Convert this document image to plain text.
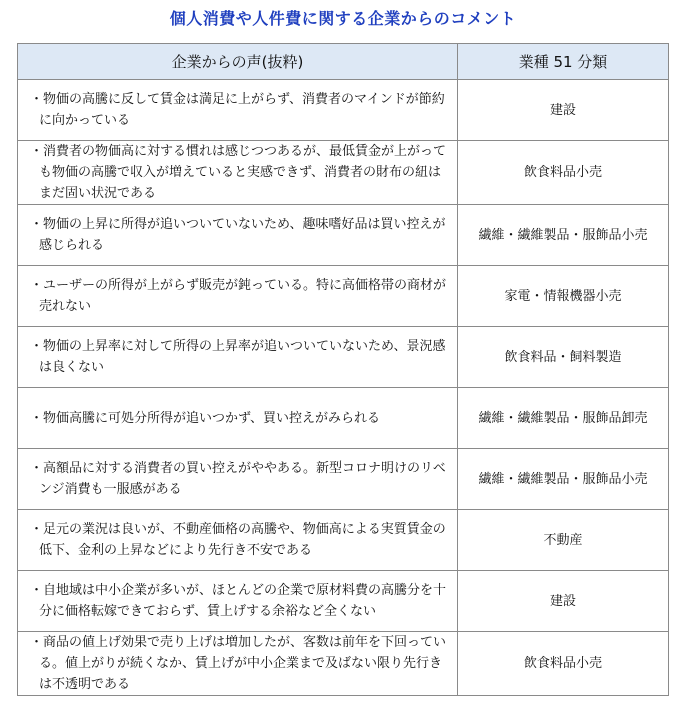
個人消費や人件費に関する企業からのコメント
企業からの声(抜粋)	業種 51 分類

・物価の高騰に反して賃金は満足に上がらず、消費者のマインドが節約に向かっている	建設

・消費者の物価高に対する慣れは感じつつあるが、最低賃金が上がっても物価の高騰で収入が増えていると実感できず、消費者の財布の紐はまだ固い状況である	飲食料品小売

・物価の上昇に所得が追いついていないため、趣味嗜好品は買い控えが感じられる	繊維・繊維製品・服飾品小売

・ユーザーの所得が上がらず販売が鈍っている。特に高価格帯の商材が売れない	家電・情報機器小売

・物価の上昇率に対して所得の上昇率が追いついていないため、景況感は良くない	飲食料品・飼料製造

・物価高騰に可処分所得が追いつかず、買い控えがみられる	繊維・繊維製品・服飾品卸売

・高額品に対する消費者の買い控えがややある。新型コロナ明けのリベンジ消費も一服感がある	繊維・繊維製品・服飾品小売

・足元の業況は良いが、不動産価格の高騰や、物価高による実質賃金の低下、金利の上昇などにより先行き不安である	不動産

・自地域は中小企業が多いが、ほとんどの企業で原材料費の高騰分を十分に価格転嫁できておらず、賃上げする余裕など全くない	建設

・商品の値上げ効果で売り上げは増加したが、客数は前年を下回っている。値上がりが続くなか、賃上げが中小企業まで及ばない限り先行きは不透明である	飲食料品小売
